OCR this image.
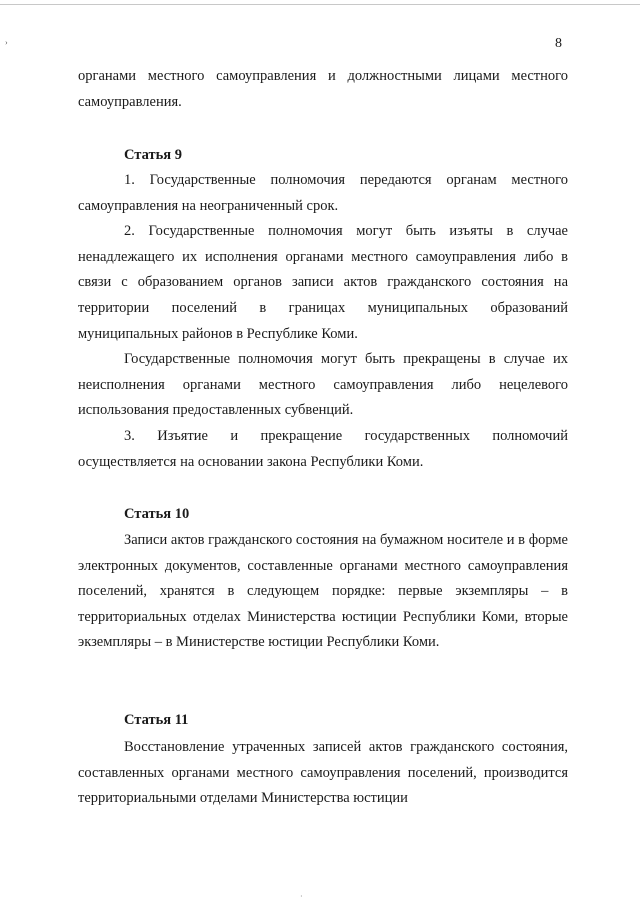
›	8

органами местного самоуправления и должностными лицами местного самоуправления.

Статья 9

1. Государственные полномочия передаются органам местного самоуправления на неограниченный срок.

2. Государственные полномочия могут быть изъяты в случае ненадлежащего их исполнения органами местного самоуправления либо в связи с образованием органов записи актов гражданского состояния на территории поселений в границах муниципальных образований муниципальных районов в Республике Коми.

Государственные полномочия могут быть прекращены в случае их неисполнения органами местного самоуправления либо нецелевого использования предоставленных субвенций.

3. Изъятие и прекращение государственных полномочий осуществляется на основании закона Республики Коми.

Статья 10

Записи актов гражданского состояния на бумажном носителе и в форме электронных документов, составленные органами местного самоуправления поселений, хранятся в следующем порядке: первые экземпляры – в территориальных отделах Министерства юстиции Республики Коми, вторые экземпляры – в Министерстве юстиции Республики Коми.

Статья 11

Восстановление утраченных записей актов гражданского состояния, составленных органами местного самоуправления поселений, производится территориальными отделами Министерства юстиции

·
